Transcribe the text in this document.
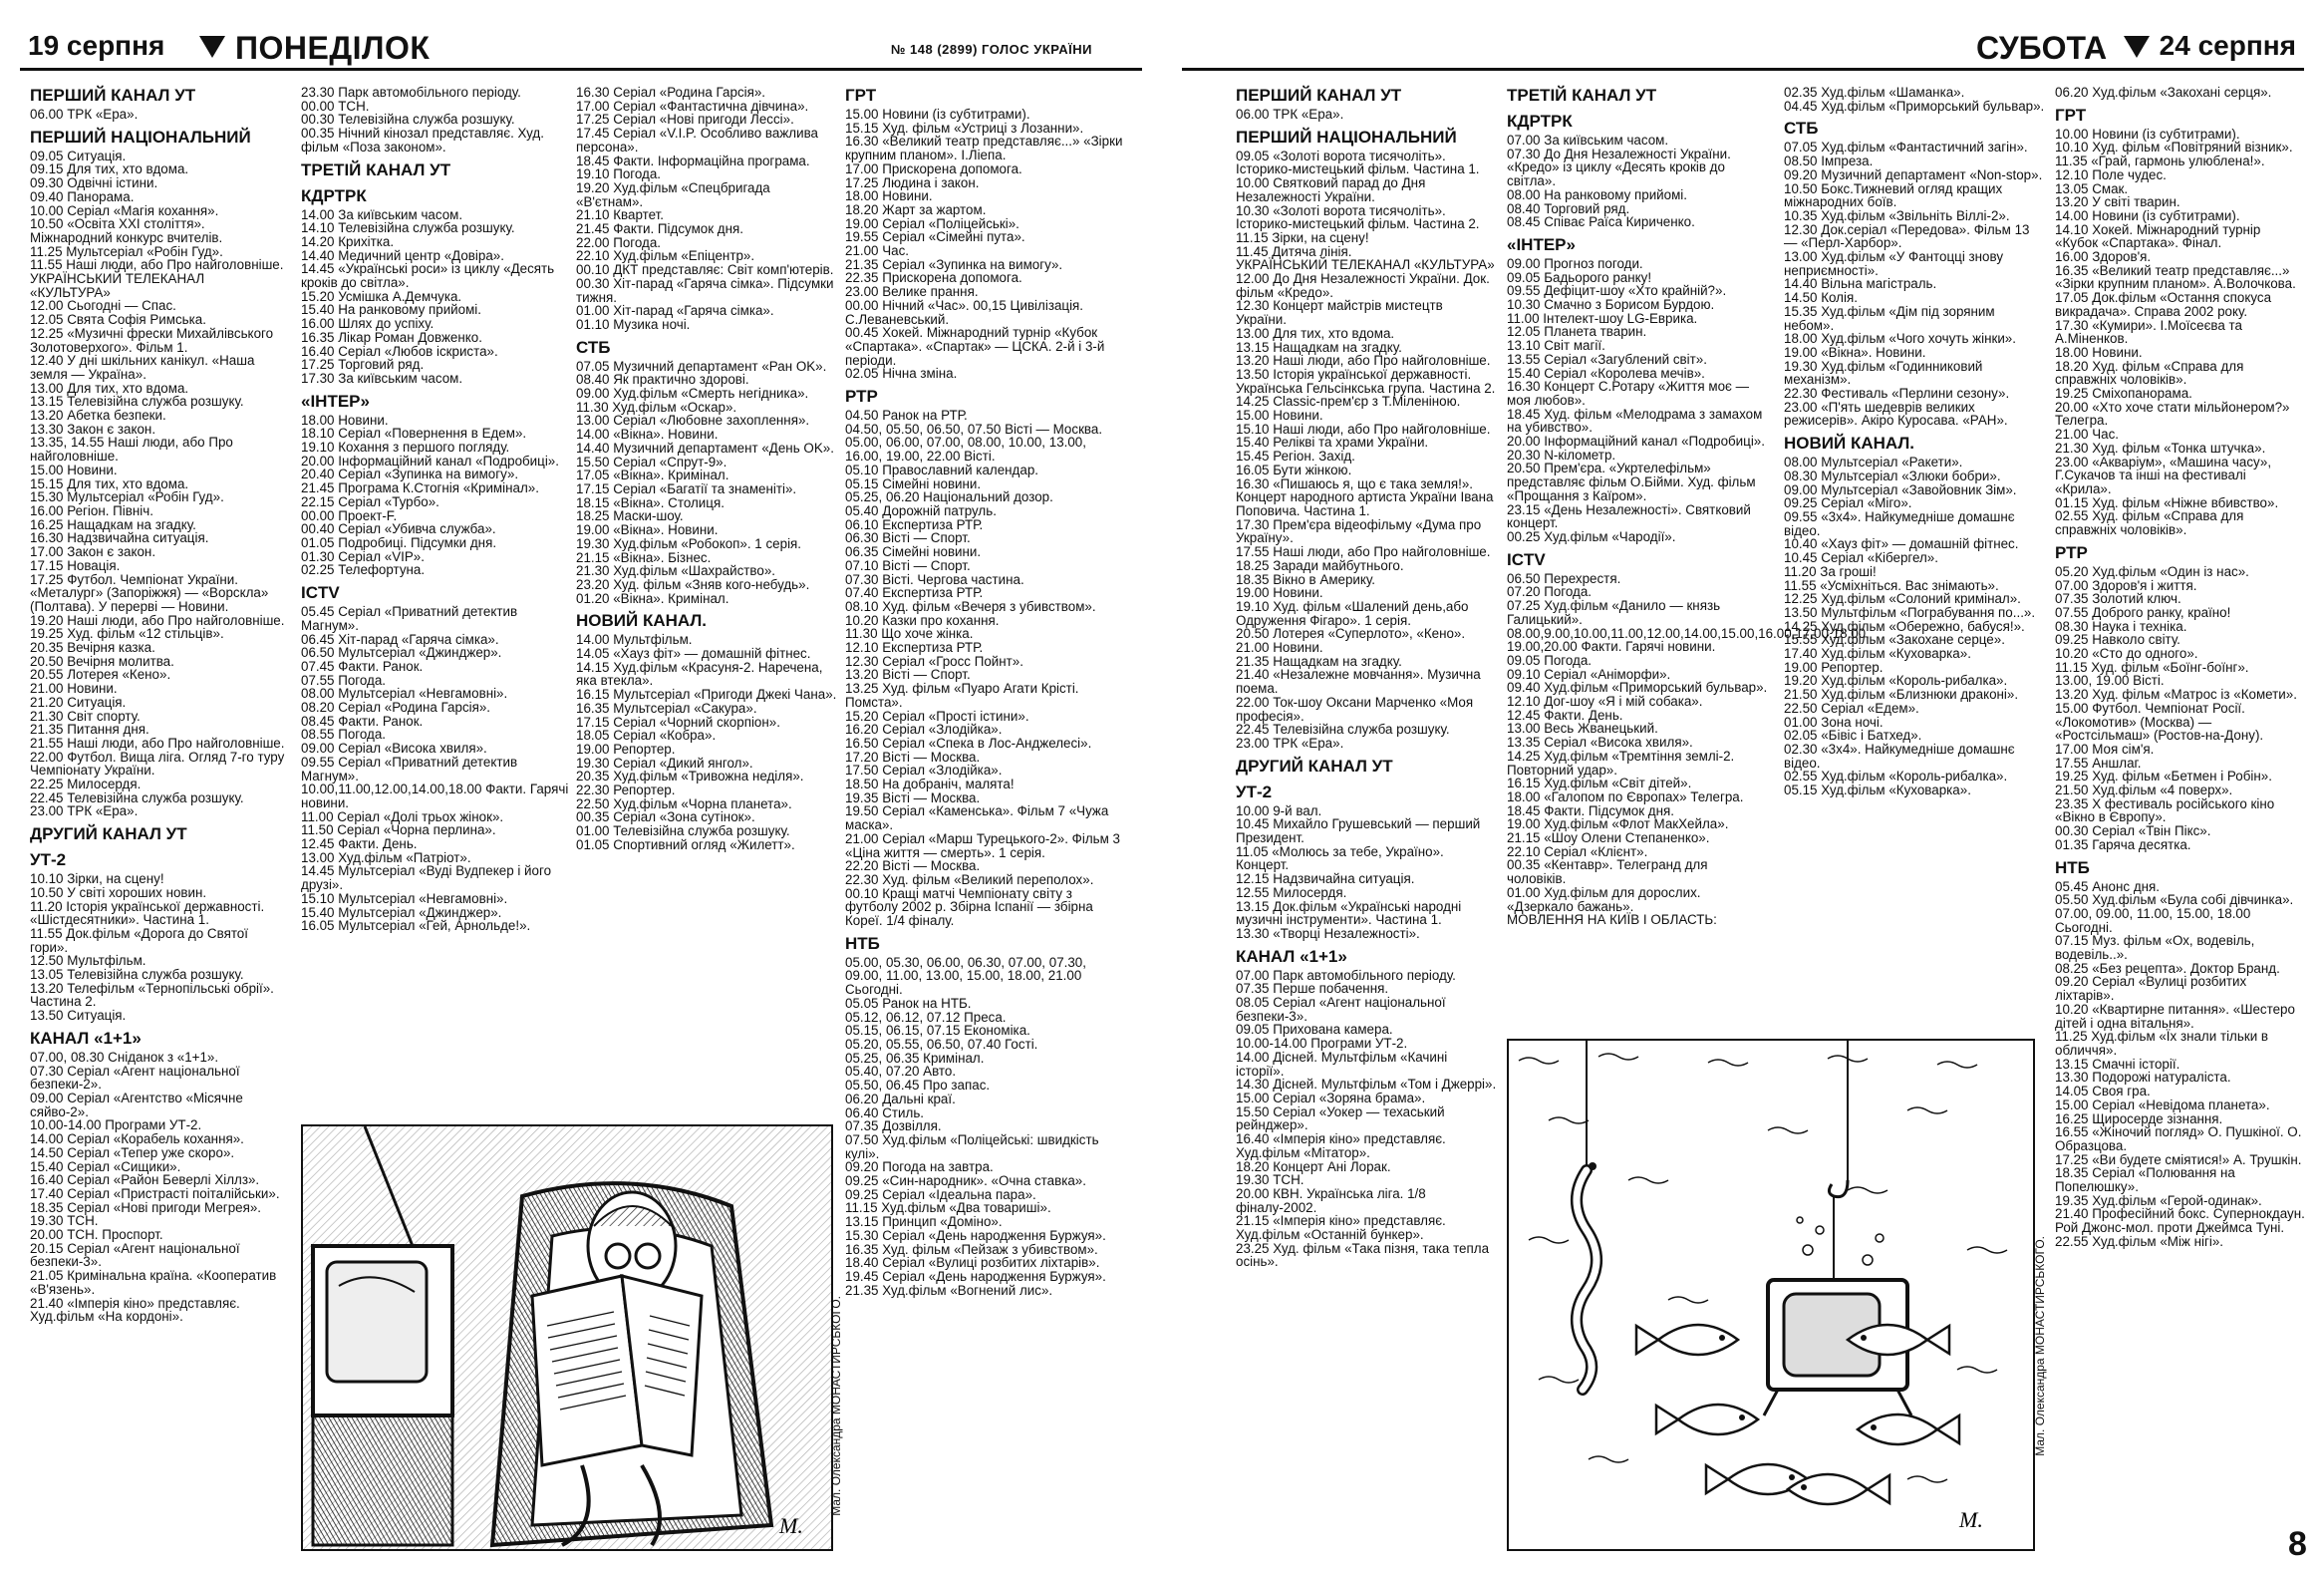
19 серпня	ПОНЕДІЛОК	№ 148 (2899) ГОЛОС УКРАЇНИ	СУБОТА	24 серпня

ПЕРШИЙ КАНАЛ УТ

06.00 ТРК «Ера».

ПЕРШИЙ НАЦІОНАЛЬНИЙ

09.05 Ситуація.

09.15 Для тих, хто вдома.

09.30 Одвічні істини.

09.40 Панорама.

10.00 Серіал «Магія кохання».

10.50 «Освіта XXI століття». Міжнародний конкурс вчителів.

11.25 Мультсеріал «Робін Гуд».

11.55 Наші люди, або Про найголовніше.

УКРАЇНСЬКИЙ ТЕЛЕКАНАЛ «КУЛЬТУРА»

12.00 Сьогодні — Спас.

12.05 Свята Софія Римська.

12.25 «Музичні фрески Михайлівського Золотоверхого». Фільм 1.

12.40 У дні шкільних канікул. «Наша земля — Україна».

13.00 Для тих, хто вдома.

13.15 Телевізійна служба розшуку.

13.20 Абетка безпеки.

13.30 Закон є закон.

13.35, 14.55 Наші люди, або Про найголовніше.

15.00 Новини.

15.15 Для тих, хто вдома.

15.30 Мультсеріал «Робін Гуд».

16.00 Регіон. Північ.

16.25 Нащадкам на згадку.

16.30 Надзвичайна ситуація.

17.00 Закон є закон.

17.15 Новація.

17.25 Футбол. Чемпіонат України. «Металург» (Запоріжжя) — «Ворскла» (Полтава). У перерві — Новини.

19.20 Наші люди, або Про найголовніше.

19.25 Худ. фільм «12 стільців».

20.35 Вечірня казка.

20.50 Вечірня молитва.

20.55 Лотерея «Кено».

21.00 Новини.

21.20 Ситуація.

21.30 Світ спорту.

21.35 Питання дня.

21.55 Наші люди, або Про найголовніше.

22.00 Футбол. Вища ліга. Огляд 7-го туру Чемпіонату України.

22.25 Милосердя.

22.45 Телевізійна служба розшуку.

23.00 ТРК «Ера».

ДРУГИЙ КАНАЛ УТ

УТ-2

10.10 Зірки, на сцену!

10.50 У світі хороших новин.

11.20 Історія української державності. «Шістдесятники». Частина 1.

11.55 Док.фільм «Дорога до Святої гори».

12.50 Мультфільм.

13.05 Телевізійна служба розшуку.

13.20 Телефільм «Тернопільські обрії». Частина 2.

13.50 Ситуація.

КАНАЛ «1+1»

07.00, 08.30 Сніданок з «1+1».

07.30 Серіал «Агент національної безпеки-2».

09.00 Серіал «Агентство «Місячне сяйво-2».

10.00-14.00 Програми УТ-2.

14.00 Серіал «Корабель кохання».

14.50 Серіал «Тепер уже скоро».

15.40 Серіал «Сищики».

16.40 Серіал «Район Беверлі Хіллз».

17.40 Серіал «Пристрасті поіталійськи».

18.35 Серіал «Нові пригоди Мегрея».

19.30 ТСН.

20.00 ТСН. Проспорт.

20.15 Серіал «Агент національної безпеки-3».

21.05 Кримінальна країна. «Кооператив «В'язень».

21.40 «Імперія кіно» представляє. Худ.фільм «На кордоні».

23.30 Парк автомобільного періоду.

00.00 ТСН.

00.30 Телевізійна служба розшуку.

00.35 Нічний кінозал представляє. Худ. фільм «Поза законом».

ТРЕТІЙ КАНАЛ УТ

КДРТРК

14.00 За київським часом.

14.10 Телевізійна служба розшуку.

14.20 Крихітка.

14.40 Медичний центр «Довіра».

14.45 «Українські роси» із циклу «Десять кроків до світла».

15.20 Усмішка А.Демчука.

15.40 На ранковому прийомі.

16.00 Шлях до успіху.

16.35 Лікар Роман Довженко.

16.40 Серіал «Любов іскриста».

17.25 Торговий ряд.

17.30 За київським часом.

«ІНТЕР»

18.00 Новини.

18.10 Серіал «Повернення в Едем».

19.10 Кохання з першого погляду.

20.00 Інформаційний канал «Подробиці».

20.40 Серіал «Зупинка на вимогу».

21.45 Програма К.Стогнія «Кримінал».

22.15 Серіал «Турбо».

00.00 Проект-F.

00.40 Серіал «Убивча служба».

01.05 Подробиці. Підсумки дня.

01.30 Серіал «VIP».

02.25 Телефортуна.

ICTV

05.45 Серіал «Приватний детектив Магнум».

06.45 Хіт-парад «Гаряча сімка».

06.50 Мультсеріал «Джинджер».

07.45 Факти. Ранок.

07.55 Погода.

08.00 Мультсеріал «Невгамовні».

08.20 Серіал «Родина Гарсія».

08.45 Факти. Ранок.

08.55 Погода.

09.00 Серіал «Висока хвиля».

09.55 Серіал «Приватний детектив Магнум».

10.00,11.00,12.00,14.00,18.00 Факти. Гарячі новини.

11.00 Серіал «Долі трьох жінок».

11.50 Серіал «Чорна перлина».

12.45 Факти. День.

13.00 Худ.фільм «Патріот».

14.45 Мультсеріал «Вуді Вудпекер і його друзі».

15.10 Мультсеріал «Невгамовні».

15.40 Мультсеріал «Джинджер».

16.05 Мультсеріал «Гей, Арнольде!».

16.30 Серіал «Родина Гарсія».

17.00 Серіал «Фантастична дівчина».

17.25 Серіал «Нові пригоди Лессі».

17.45 Серіал «V.I.P. Особливо важлива персона».

18.45 Факти. Інформаційна програма.

19.10 Погода.

19.20 Худ.фільм «Спецбригада «В'єтнам».

21.10 Квартет.

21.45 Факти. Підсумок дня.

22.00 Погода.

22.10 Худ.фільм «Епіцентр».

00.10 ДКТ представляє: Світ комп'ютерів.

00.30 Хіт-парад «Гаряча сімка». Підсумки тижня.

01.00 Хіт-парад «Гаряча сімка».

01.10 Музика ночі.

СТБ

07.05 Музичний департамент «Ран OK».

08.40 Як практично здорові.

09.00 Худ.фільм «Смерть негідника».

11.30 Худ.фільм «Оскар».

13.00 Серіал «Любовне захоплення».

14.00 «Вікна». Новини.

14.40 Музичний департамент «День OK».

15.50 Серіал «Спрут-9».

17.05 «Вікна». Кримінал.

17.15 Серіал «Багатії та знаменіті».

18.15 «Вікна». Столиця.

18.25 Маски-шоу.

19.00 «Вікна». Новини.

19.30 Худ.фільм «Робокоп». 1 серія.

21.15 «Вікна». Бізнес.

21.30 Худ.фільм «Шахрайство».

23.20 Худ. фільм «Зняв кого-небудь».

01.20 «Вікна». Кримінал.

НОВИЙ КАНАЛ.

14.00 Мультфільм.

14.05 «Хауз фіт» — домашній фітнес.

14.15 Худ.фільм «Красуня-2. Наречена, яка втекла».

16.15 Мультсеріал «Пригоди Джекі Чана».

16.35 Мультсеріал «Сакура».

17.15 Серіал «Чорний скорпіон».

18.05 Серіал «Кобра».

19.00 Репортер.

19.30 Серіал «Дикий янгол».

20.35 Худ.фільм «Тривожна неділя».

22.30 Репортер.

22.50 Худ.фільм «Чорна планета».

00.35 Серіал «Зона сутінок».

01.00 Телевізійна служба розшуку.

01.05 Спортивний огляд «Жилетт».

ГРТ

15.00 Новини (із субтитрами).

15.15 Худ. фільм «Устриці з Лозанни».

16.30 «Великий театр представляє...» «Зірки крупним планом». І.Ліепа.

17.00 Прискорена допомога.

17.25 Людина і закон.

18.00 Новини.

18.20 Жарт за жартом.

19.00 Серіал «Поліцейські».

19.55 Серіал «Сімейні пута».

21.00 Час.

21.35 Серіал «Зупинка на вимогу».

22.35 Прискорена допомога.

23.00 Велике прання.

00.00 Нічний «Час». 00,15 Цивілізація. С.Леваневський.

00.45 Хокей. Міжнародний турнір «Кубок «Спартака». «Спартак» — ЦСКА. 2-й і 3-й періоди.

02.05 Нічна зміна.

РТР

04.50 Ранок на РТР.

04.50, 05.50, 06.50, 07.50 Вісті — Москва.

05.00, 06.00, 07.00, 08.00, 10.00, 13.00, 16.00, 19.00, 22.00 Вісті.

05.10 Православний календар.

05.15 Сімейні новини.

05.25, 06.20 Національний дозор.

05.40 Дорожній патруль.

06.10 Експертиза РТР.

06.30 Вісті — Спорт.

06.35 Сімейні новини.

07.10 Вісті — Спорт.

07.30 Вісті. Чергова частина.

07.40 Експертиза РТР.

08.10 Худ. фільм «Вечеря з убивством».

10.20 Казки про кохання.

11.30 Що хоче жінка.

12.10 Експертиза РТР.

12.30 Серіал «Гросс Пойнт».

13.20 Вісті — Спорт.

13.25 Худ. фільм «Пуаро Агати Крісті. Помста».

15.20 Серіал «Прості істини».

16.20 Серіал «Злодійка».

16.50 Серіал «Спека в Лос-Анджелесі».

17.20 Вісті — Москва.

17.50 Серіал «Злодійка».

18.50 На добраніч, малята!

19.35 Вісті — Москва.

19.50 Серіал «Каменська». Фільм 7 «Чужа маска».

21.00 Серіал «Марш Турецького-2». Фільм 3 «Ціна життя — смерть». 1 серія.

22.20 Вісті — Москва.

22.30 Худ. фільм «Великий переполох».

00.10 Кращі матчі Чемпіонату світу з футболу 2002 р. Збірна Іспанії — збірна Кореї. 1/4 фіналу.

НТБ

05.00, 05.30, 06.00, 06.30, 07.00, 07.30, 09.00, 11.00, 13.00, 15.00, 18.00, 21.00 Сьогодні.

05.05 Ранок на НТБ.

05.12, 06.12, 07.12 Преса.

05.15, 06.15, 07.15 Економіка.

05.20, 05.55, 06.50, 07.40 Гості.

05.25, 06.35 Кримінал.

05.40, 07.20 Авто.

05.50, 06.45 Про запас.

06.20 Дальні краї.

06.40 Стиль.

07.35 Дозвілля.

07.50 Худ.фільм «Поліцейські: швидкість кулі».

09.20 Погода на завтра.

09.25 «Син-народник». «Очна ставка».

09.25 Серіал «Ідеальна пара».

11.15 Худ.фільм «Два товариші».

13.15 Принцип «Доміно».

15.30 Серіал «День народження Буржуя».

16.35 Худ. фільм «Пейзаж з убивством».

18.40 Серіал «Вулиці розбитих ліхтарів».

19.45 Серіал «День народження Буржуя».

21.35 Худ.фільм «Вогнений лис».

ПЕРШИЙ КАНАЛ УТ

06.00 ТРК «Ера».

ПЕРШИЙ НАЦІОНАЛЬНИЙ

09.05 «Золоті ворота тисячоліть». Історико-мистецький фільм. Частина 1.

10.00 Святковий парад до Дня Незалежності України.

10.30 «Золоті ворота тисячоліть». Історико-мистецький фільм. Частина 2.

11.15 Зірки, на сцену!

11.45 Дитяча лінія.

УКРАЇНСЬКИЙ ТЕЛЕКАНАЛ «КУЛЬТУРА»

12.00 До Дня Незалежності України. Док. фільм «Кредо».

12.30 Концерт майстрів мистецтв України.

13.00 Для тих, хто вдома.

13.15 Нащадкам на згадку.

13.20 Наші люди, або Про найголовніше.

13.50 Історія української державності. Українська Гельсінкська група. Частина 2.

14.25 Classic-прем'єр з Т.Міленіною.

15.00 Новини.

15.10 Наші люди, або Про найголовніше.

15.40 Релікві та храми України.

15.45 Регіон. Захід.

16.05 Бути жінкою.

16.30 «Пишаюсь я, що є така земля!». Концерт народного артиста України Івана Поповича. Частина 1.

17.30 Прем'єра відеофільму «Дума про Україну».

17.55 Наші люди, або Про найголовніше.

18.25 Заради майбутнього.

18.35 Вікно в Америку.

19.00 Новини.

19.10 Худ. фільм «Шалений день,або Одруження Фігаро». 1 серія.

20.50 Лотерея «Суперлото», «Кено».

21.00 Новини.

21.35 Нащадкам на згадку.

21.40 «Незалежне мовчання». Музична поема.

22.00 Ток-шоу Оксани Марченко «Моя професія».

22.45 Телевізійна служба розшуку.

23.00 ТРК «Ера».

ДРУГИЙ КАНАЛ УТ

УТ-2

10.00 9-й вал.

10.45 Михайло Грушевський — перший Президент.

11.05 «Молюсь за тебе, Україно». Концерт.

12.15 Надзвичайна ситуація.

12.55 Милосердя.

13.15 Док.фільм «Українські народні музичні інструменти». Частина 1.

13.30 «Творці Незалежності».

КАНАЛ «1+1»

07.00 Парк автомобільного періоду.

07.35 Перше побачення.

08.05 Серіал «Агент національної безпеки-3».

09.05 Прихована камера.

10.00-14.00 Програми УТ-2.

14.00 Дісней. Мультфільм «Качині історії».

14.30 Дісней. Мультфільм «Том і Джеррі».

15.00 Серіал «Зоряна брама».

15.50 Серіал «Уокер — техаський рейнджер».

16.40 «Імперія кіно» представляє. Худ.фільм «Мітатор».

18.20 Концерт Ані Лорак.

19.30 ТСН.

20.00 КВН. Українська ліга. 1/8 фіналу-2002.

21.15 «Імперія кіно» представляє. Худ.фільм «Останній бункер».

23.25 Худ. фільм «Така пізня, така тепла осінь».

ТРЕТІЙ КАНАЛ УТ

КДРТРК

07.00 За київським часом.

07.30 До Дня Незалежності України. «Кредо» із циклу «Десять кроків до світла».

08.00 На ранковому прийомі.

08.40 Торговий ряд.

08.45 Співає Раїса Кириченко.

«ІНТЕР»

09.00 Прогноз погоди.

09.05 Бадьорого ранку!

09.55 Дефіцит-шоу «Хто крайній?».

10.30 Смачно з Борисом Бурдою.

11.00 Інтелект-шоу LG-Еврика.

12.05 Планета тварин.

13.10 Світ магії.

13.55 Серіал «Загублений світ».

15.40 Серіал «Королева мечів».

16.30 Концерт С.Ротару «Життя моє — моя любов».

18.45 Худ. фільм «Мелодрама з замахом на убивство».

20.00 Інформаційний канал «Подробиці».

20.30 N-кілометр.

20.50 Прем'єра. «Укртелефільм» представляє фільм О.Бійми. Худ. фільм «Прощання з Каїром».

23.15 «День Незалежності». Святковий концерт.

00.25 Худ.фільм «Чародії».

ICTV

06.50 Перехрестя.

07.20 Погода.

07.25 Худ.фільм «Данило — князь Галицький».

08.00,9.00,10.00,11.00,12.00,14.00,15.00,16.00,17.00,18.00, 19.00,20.00 Факти. Гарячі новини.

09.05 Погода.

09.10 Серіал «Аніморфи».

09.40 Худ.фільм «Приморський бульвар».

12.10 Дог-шоу «Я і мій собака».

12.45 Факти. День.

13.00 Весь Жванецький.

13.35 Серіал «Висока хвиля».

14.25 Худ.фільм «Тремтіння землі-2. Повторний удар».

16.15 Худ.фільм «Світ дітей».

18.00 «Галопом по Європах» Телегра.

18.45 Факти. Підсумок дня.

19.00 Худ.фільм «Флот МакХейла».

21.15 «Шоу Олени Степаненко».

22.10 Серіал «Клієнт».

00.35 «Кентавр». Телегранд для чоловіків.

01.00 Худ.фільм для дорослих. «Дзеркало бажань».

МОВЛЕННЯ НА КИЇВ І ОБЛАСТЬ:

02.35 Худ.фільм «Шаманка».

04.45 Худ.фільм «Приморський бульвар».

СТБ

07.05 Худ.фільм «Фантастичний загін».

08.50 Імпреза.

09.20 Музичний департамент «Non-stop».

10.50 Бокс.Тижневий огляд кращих міжнародних боїв.

10.35 Худ.фільм «Звільніть Віллі-2».

12.30 Док.серіал «Передова». Фільм 13 — «Перл-Харбор».

13.00 Худ.фільм «У Фантоцці знову неприємності».

14.40 Вільна магістраль.

14.50 Колія.

15.35 Худ.фільм «Дім під зоряним небом».

18.00 Худ.фільм «Чого хочуть жінки».

19.00 «Вікна». Новини.

19.30 Худ.фільм «Годинниковий механізм».

22.30 Фестиваль «Перлини сезону».

23.00 «П'ять шедеврів великих режисерів». Акіро Куросава. «РАН».

НОВИЙ КАНАЛ.

08.00 Мультсеріал «Ракети».

08.30 Мультсеріал «Злюки бобри».

09.00 Мультсеріал «Завойовник Зім».

09.25 Серіал «Міго».

09.55 «3х4». Найкумедніше домашнє відео.

10.40 «Хауз фіт» — домашній фітнес.

10.45 Серіал «Кібергел».

11.20 За гроші!

11.55 «Усміхніться. Вас знімають».

12.25 Худ.фільм «Солоний кримінал».

13.50 Мультфільм «Пограбування по...».

14.25 Худ.фільм «Обережно, бабуся!».

15.55 Худ.фільм «Закохане серце».

17.40 Худ.фільм «Куховарка».

19.00 Репортер.

19.20 Худ.фільм «Король-рибалка».

21.50 Худ.фільм «Близнюки драконі».

22.50 Серіал «Едем».

01.00 Зона ночі.

02.05 «Бівіс і Батхед».

02.30 «3х4». Найкумедніше домашнє відео.

02.55 Худ.фільм «Король-рибалка».

05.15 Худ.фільм «Куховарка».

06.20 Худ.фільм «Закохані серця».

ГРТ

10.00 Новини (із субтитрами).

10.10 Худ. фільм «Повітряний візник».

11.35 «Грай, гармонь улюблена!».

12.10 Поле чудес.

13.05 Смак.

13.20 У світі тварин.

14.00 Новини (із субтитрами).

14.10 Хокей. Міжнародний турнір «Кубок «Спартака». Фінал.

16.00 Здоров'я.

16.35 «Великий театр представляє...» «Зірки крупним планом». А.Волочкова.

17.05 Док.фільм «Остання спокуса викрадача». Справа 2002 року.

17.30 «Кумири». І.Моїсеєва та А.Міненков.

18.00 Новини.

18.20 Худ. фільм «Справа для справжніх чоловіків».

19.25 Сміхопанорама.

20.00 «Хто хоче стати мільйонером?» Телегра.

21.00 Час.

21.30 Худ. фільм «Тонка штучка».

23.00 «Акваріум», «Машина часу», Г.Сукачов та інші на фестивалі «Крила».

01.15 Худ. фільм «Ніжне вбивство».

02.55 Худ. фільм «Справа для справжніх чоловіків».

РТР

05.20 Худ.фільм «Один із нас».

07.00 Здоров'я і життя.

07.35 Золотий ключ.

07.55 Доброго ранку, країно!

08.30 Наука і техніка.

09.25 Навколо світу.

10.20 «Сто до одного».

11.15 Худ. фільм «Боїнг-боїнг».

13.00, 19.00 Вісті.

13.20 Худ. фільм «Матрос із «Комети».

15.00 Футбол. Чемпіонат Росії. «Локомотив» (Москва) — «Ростсільмаш» (Ростов-на-Дону).

17.00 Моя сім'я.

17.55 Аншлаг.

19.25 Худ. фільм «Бетмен і Робін».

21.50 Худ.фільм «4 поверх».

23.35 Х фестиваль російського кіно «Вікно в Європу».

00.30 Серіал «Твін Пікс».

01.35 Гаряча десятка.

НТБ

05.45 Анонс дня.

05.50 Худ.фільм «Була собі дівчинка».

07.00, 09.00, 11.00, 15.00, 18.00 Сьогодні.

07.15 Муз. фільм «Ох, водевіль, водевіль..».

08.25 «Без рецепта». Доктор Бранд.

09.20 Серіал «Вулиці розбитих ліхтарів».

10.20 «Квартирне питання». «Шестеро дітей і одна вітальня».

11.25 Худ.фільм «Їх знали тільки в обличчя».

13.15 Смачні історії.

13.30 Подорожі натураліста.

14.05 Своя гра.

15.00 Серіал «Невідома планета».

16.25 Щиросерде зізнання.

16.55 «Жіночий погляд» О. Пушкіної. О. Образцова.

17.25 «Ви будете сміятися!» А. Трушкін.

18.35 Серіал «Полювання на Попелюшку».

19.35 Худ.фільм «Герой-одинак».

21.40 Професійний бокс. Супернокдаун. Рой Джонс-мол. проти Джеймса Туні.

22.55 Худ.фільм «Між нігі».

М.
Мал. Олександра МОНАСТИРСЬКОГО.
М.
Мал. Олександра МОНАСТИРСЬКОГО.
8
